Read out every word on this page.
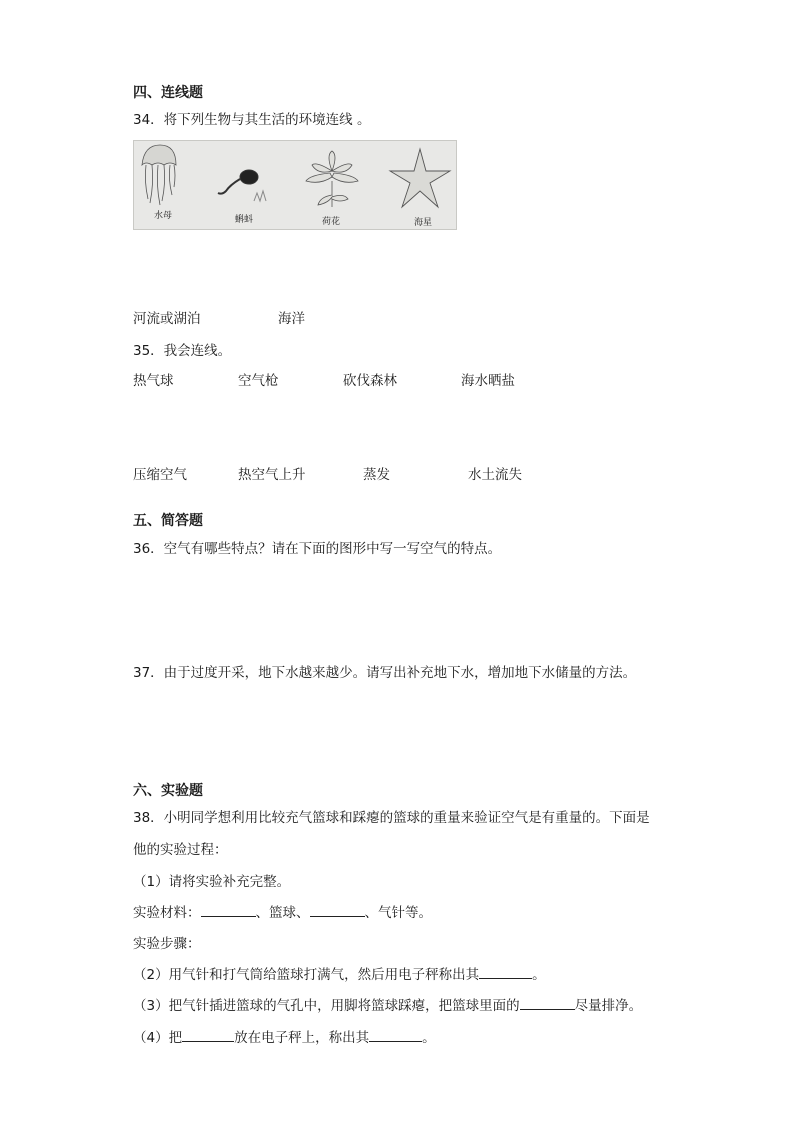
四、连线题
34．将下列生物与其生活的环境连线 。
水母	蝌蚪	荷花	海星
河流或湖泊	海洋
35．我会连线。
热气球	空气枪	砍伐森林	海水晒盐
压缩空气	热空气上升	蒸发	水土流失
五、简答题
36．空气有哪些特点？请在下面的图形中写一写空气的特点。
37．由于过度开采，地下水越来越少。请写出补充地下水，增加地下水储量的方法。
六、实验题
38．小明同学想利用比较充气篮球和踩瘪的篮球的重量来验证空气是有重量的。下面是
他的实验过程：
（1）请将实验补充完整。
实验材料：	、篮球、	、气针等。
实验步骤：
（2）用气针和打气筒给篮球打满气，然后用电子秤称出其	。
（3）把气针插进篮球的气孔中，用脚将篮球踩瘪，把篮球里面的	尽量排净。
（4）把	放在电子秤上，称出其	。
